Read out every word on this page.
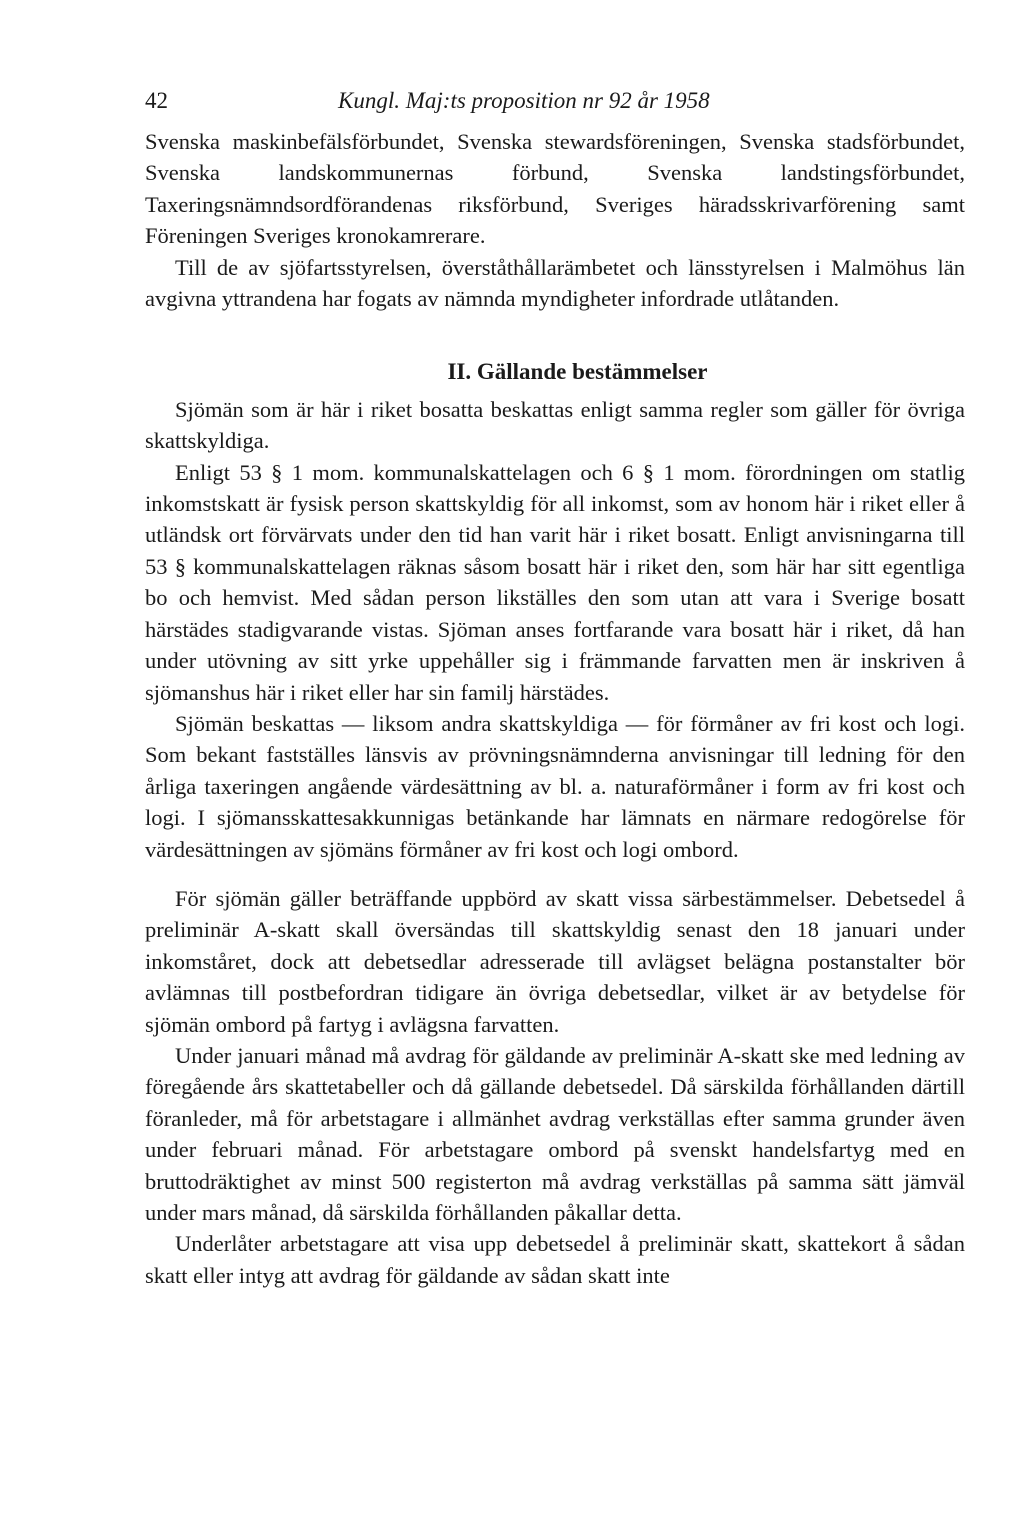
42	Kungl. Maj:ts proposition nr 92 år 1958

Svenska maskinbefälsförbundet, Svenska stewardsföreningen, Svenska stadsförbundet, Svenska landskommunernas förbund, Svenska landstingsförbundet, Taxeringsnämndsordförandenas riksförbund, Sveriges häradsskrivarförening samt Föreningen Sveriges kronokamrerare.

Till de av sjöfartsstyrelsen, överståthållarämbetet och länsstyrelsen i Malmöhus län avgivna yttrandena har fogats av nämnda myndigheter infordrade utlåtanden.

II. Gällande bestämmelser

Sjömän som är här i riket bosatta beskattas enligt samma regler som gäller för övriga skattskyldiga.

Enligt 53 § 1 mom. kommunalskattelagen och 6 § 1 mom. förordningen om statlig inkomstskatt är fysisk person skattskyldig för all inkomst, som av honom här i riket eller å utländsk ort förvärvats under den tid han varit här i riket bosatt. Enligt anvisningarna till 53 § kommunalskattelagen räknas såsom bosatt här i riket den, som här har sitt egentliga bo och hemvist. Med sådan person likställes den som utan att vara i Sverige bosatt härstädes stadigvarande vistas. Sjöman anses fortfarande vara bosatt här i riket, då han under utövning av sitt yrke uppehåller sig i främmande farvatten men är inskriven å sjömanshus här i riket eller har sin familj härstädes.

Sjömän beskattas — liksom andra skattskyldiga — för förmåner av fri kost och logi. Som bekant fastställes länsvis av prövningsnämnderna anvisningar till ledning för den årliga taxeringen angående värdesättning av bl. a. naturaförmåner i form av fri kost och logi. I sjömansskattesakkunnigas betänkande har lämnats en närmare redogörelse för värdesättningen av sjömäns förmåner av fri kost och logi ombord.

För sjömän gäller beträffande uppbörd av skatt vissa särbestämmelser. Debetsedel å preliminär A-skatt skall översändas till skattskyldig senast den 18 januari under inkomståret, dock att debetsedlar adresserade till avlägset belägna postanstalter bör avlämnas till postbefordran tidigare än övriga debetsedlar, vilket är av betydelse för sjömän ombord på fartyg i avlägsna farvatten.

Under januari månad må avdrag för gäldande av preliminär A-skatt ske med ledning av föregående års skattetabeller och då gällande debetsedel. Då särskilda förhållanden därtill föranleder, må för arbetstagare i allmänhet avdrag verkställas efter samma grunder även under februari månad. För arbetstagare ombord på svenskt handelsfartyg med en bruttodräktighet av minst 500 registerton må avdrag verkställas på samma sätt jämväl under mars månad, då särskilda förhållanden påkallar detta.

Underlåter arbetstagare att visa upp debetsedel å preliminär skatt, skattekort å sådan skatt eller intyg att avdrag för gäldande av sådan skatt inte
